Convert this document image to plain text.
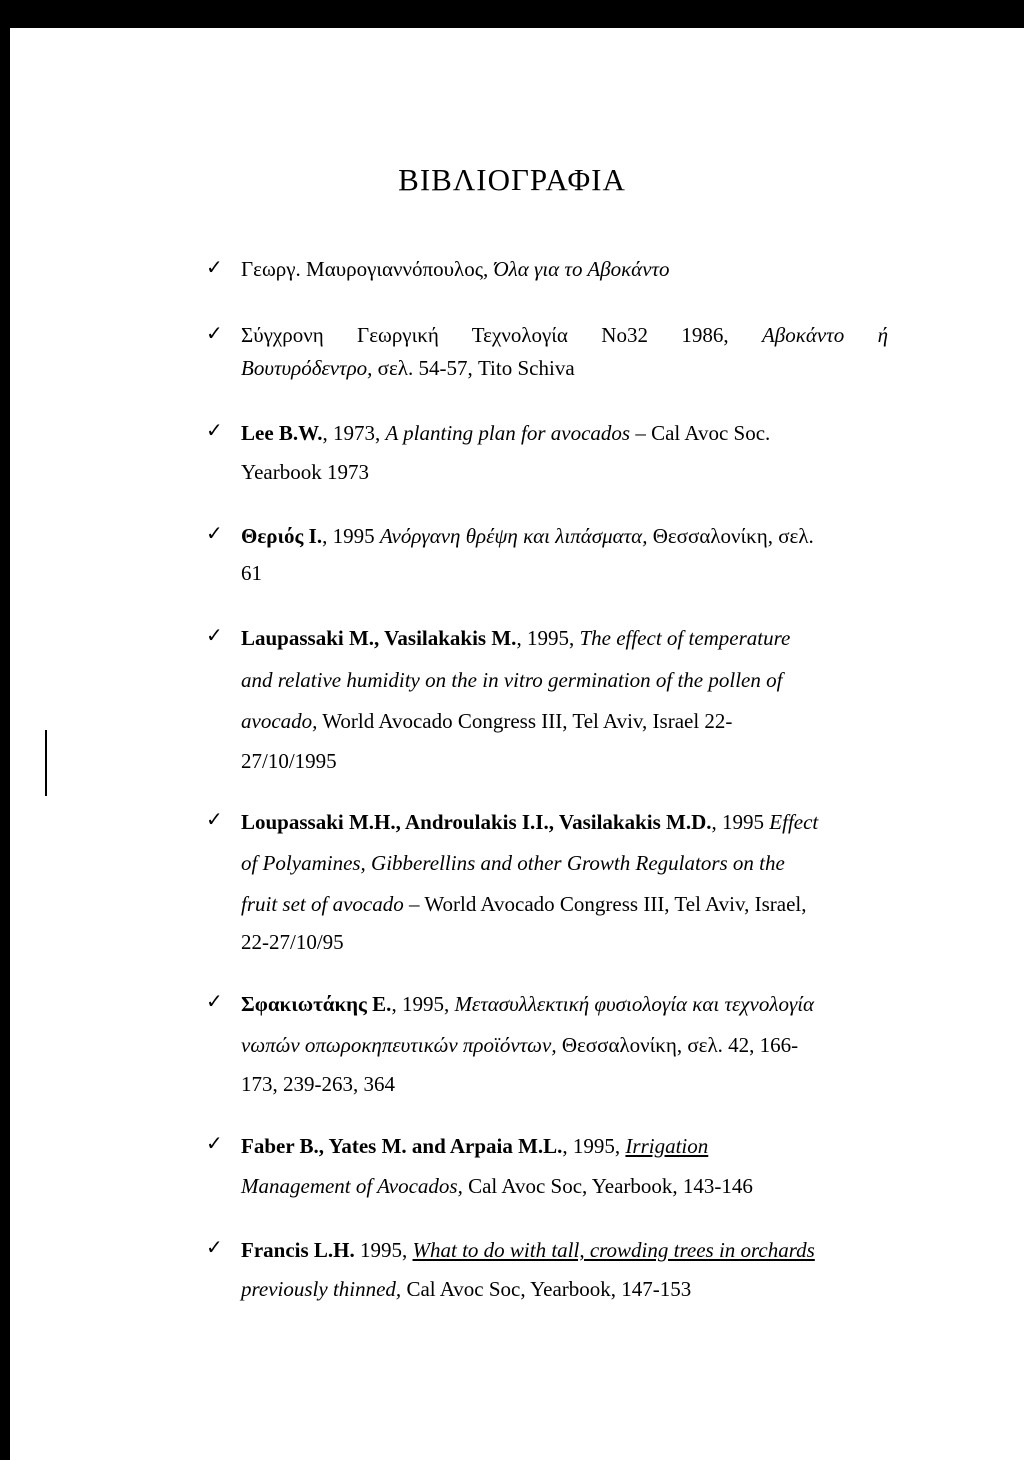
ΒΙΒΛΙΟΓΡΑΦΙΑ
✓ Γεωργ. Μαυρογιαννόπουλος, Όλα για το Αβοκάντο
✓ Σύγχρονη Γεωργική Τεχνολογία Νο32 1986, Αβοκάντο ή
Βουτυρόδεντρο, σελ. 54-57, Tito Schiva
✓ Lee B.W., 1973, A planting plan for avocados – Cal Avoc Soc.
Yearbook 1973
✓ Θεριός Ι., 1995 Ανόργανη θρέψη και λιπάσματα, Θεσσαλονίκη, σελ.
61
✓ Laupassaki M., Vasilakakis M., 1995, The effect of temperature
and relative humidity on the in vitro germination of the pollen of
avocado, World Avocado Congress III, Tel Aviv, Israel 22-
27/10/1995
✓ Loupassaki M.H., Androulakis I.I., Vasilakakis M.D., 1995 Effect
of Polyamines, Gibberellins and other Growth Regulators on the
fruit set of avocado – World Avocado Congress III, Tel Aviv, Israel,
22-27/10/95
✓ Σφακιωτάκης Ε., 1995, Μετασυλλεκτική φυσιολογία και τεχνολογία
νωπών οπωροκηπευτικών προϊόντων, Θεσσαλονίκη, σελ. 42, 166-
173, 239-263, 364
✓ Faber B., Yates M. and Arpaia M.L., 1995, Irrigation
Management of Avocados, Cal Avoc Soc, Yearbook, 143-146
✓ Francis L.H. 1995, What to do with tall, crowding trees in orchards
previously thinned, Cal Avoc Soc, Yearbook, 147-153
